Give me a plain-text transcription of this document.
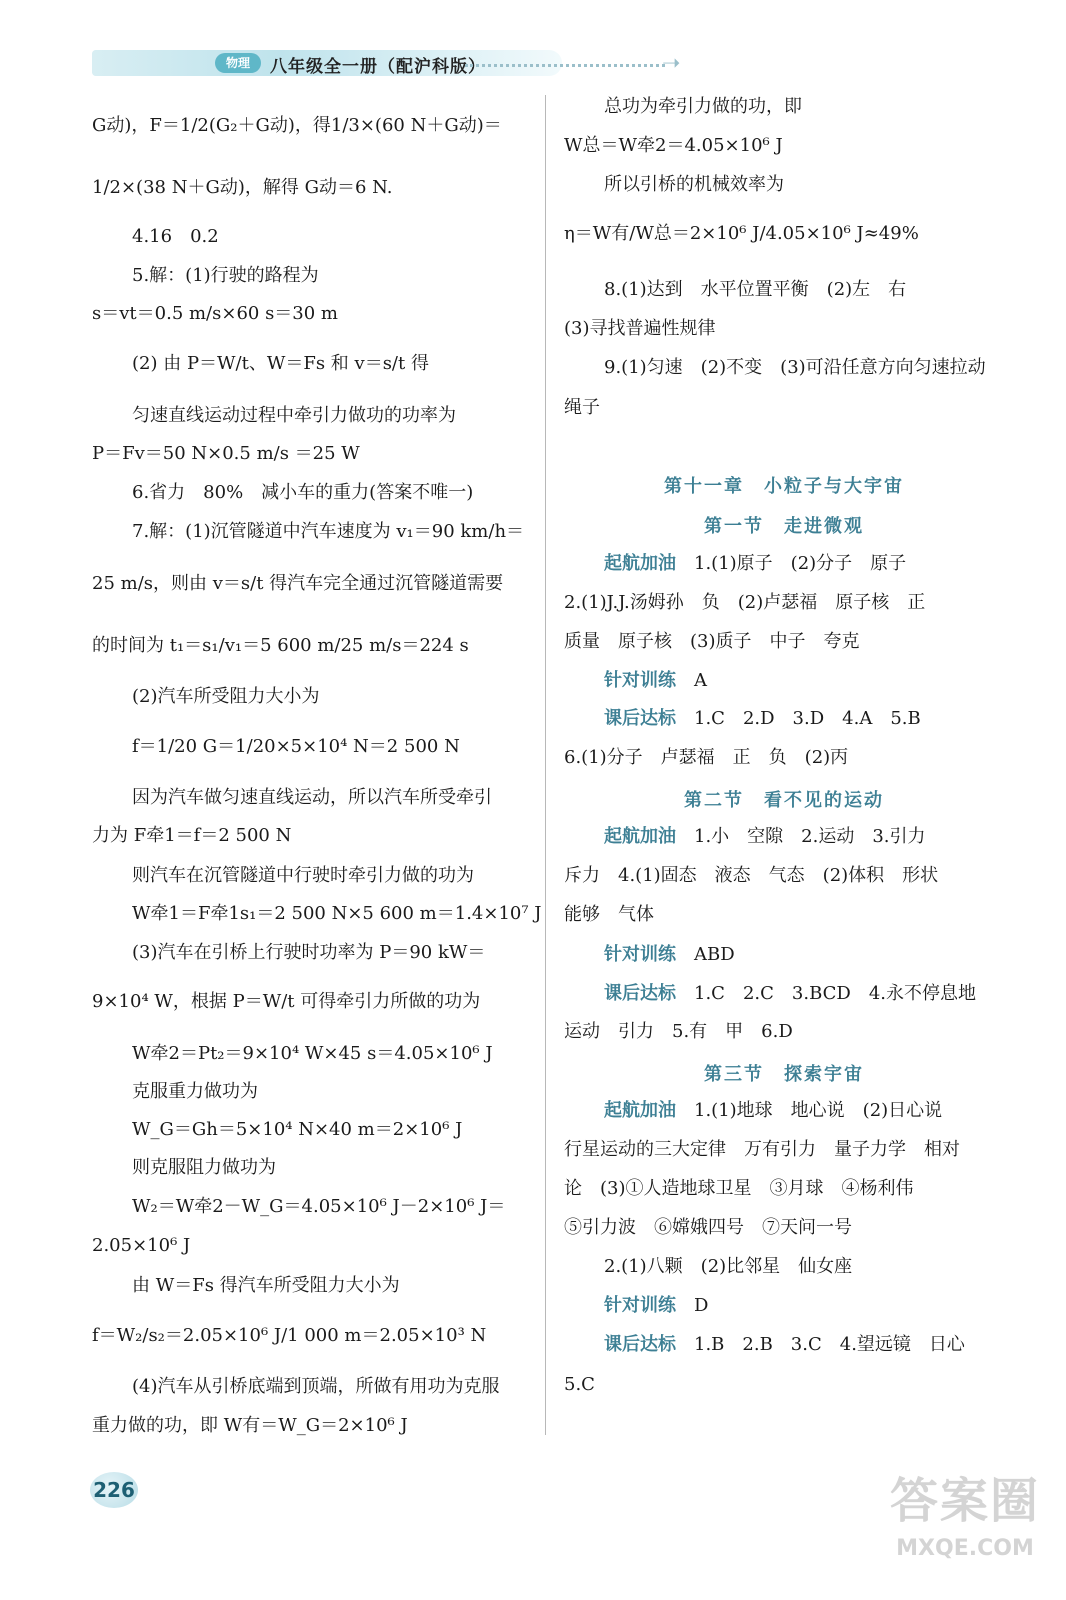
物理	八年级全一册（配沪科版）	➝
G动)，F＝1/2(G₂＋G动)，得1/3×(60 N＋G动)＝
1/2×(38 N＋G动)，解得 G动＝6 N.
4.16　0.2
5.解：(1)行驶的路程为
s＝vt＝0.5 m/s×60 s＝30 m
(2) 由 P＝W/t、W＝Fs 和 v＝s/t 得
匀速直线运动过程中牵引力做功的功率为
P＝Fv＝50 N×0.5 m/s ＝25 W
6.省力　80%　减小车的重力(答案不唯一)
7.解：(1)沉管隧道中汽车速度为 v₁＝90 km/h＝
25 m/s，则由 v＝s/t 得汽车完全通过沉管隧道需要
的时间为 t₁＝s₁/v₁＝5 600 m/25 m/s＝224 s
(2)汽车所受阻力大小为
f＝1/20 G＝1/20×5×10⁴ N＝2 500 N
因为汽车做匀速直线运动，所以汽车所受牵引
力为 F牵1＝f＝2 500 N
则汽车在沉管隧道中行驶时牵引力做的功为
W牵1＝F牵1s₁＝2 500 N×5 600 m＝1.4×10⁷ J
(3)汽车在引桥上行驶时功率为 P＝90 kW＝
9×10⁴ W，根据 P＝W/t 可得牵引力所做的功为
W牵2＝Pt₂＝9×10⁴ W×45 s＝4.05×10⁶ J
克服重力做功为
W_G＝Gh＝5×10⁴ N×40 m＝2×10⁶ J
则克服阻力做功为
W₂＝W牵2－W_G＝4.05×10⁶ J－2×10⁶ J＝
2.05×10⁶ J
由 W＝Fs 得汽车所受阻力大小为
f＝W₂/s₂＝2.05×10⁶ J/1 000 m＝2.05×10³ N
(4)汽车从引桥底端到顶端，所做有用功为克服
重力做的功，即 W有＝W_G＝2×10⁶ J
总功为牵引力做的功，即
W总＝W牵2＝4.05×10⁶ J
所以引桥的机械效率为
η＝W有/W总＝2×10⁶ J/4.05×10⁶ J≈49%
8.(1)达到　水平位置平衡　(2)左　右
(3)寻找普遍性规律
9.(1)匀速　(2)不变　(3)可沿任意方向匀速拉动
绳子
第十一章　小粒子与大宇宙
第一节　走进微观
起航加油　 1.(1)原子　(2)分子　原子
2.(1)J.J.汤姆孙　负　(2)卢瑟福　原子核　正
质量　原子核　(3)质子　中子　夸克
针对训练　 A
课后达标　 1.C　2.D　3.D　4.A　5.B
6.(1)分子　卢瑟福　正　负　(2)丙
第二节　看不见的运动
起航加油　 1.小　空隙　2.运动　3.引力
斥力　4.(1)固态　液态　气态　(2)体积　形状
能够　气体
针对训练　 ABD
课后达标　 1.C　2.C　3.BCD　4.永不停息地
运动　引力　5.有　甲　6.D
第三节　探索宇宙
起航加油　 1.(1)地球　地心说　(2)日心说
行星运动的三大定律　万有引力　量子力学　相对
论　(3)①人造地球卫星　③月球　④杨利伟
⑤引力波　⑥嫦娥四号　⑦天问一号
2.(1)八颗　(2)比邻星　仙女座
针对训练　 D
课后达标　 1.B　2.B　3.C　4.望远镜　日心
5.C
226	答案圈
MXQE.COM
